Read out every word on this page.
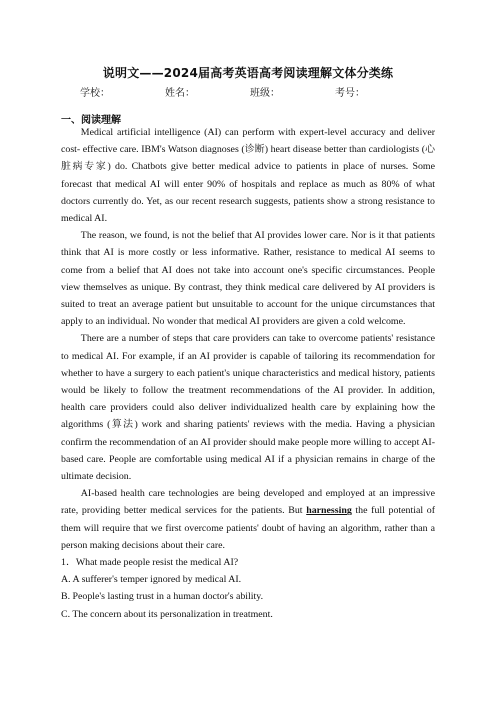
说明文——2024届高考英语高考阅读理解文体分类练
学校：	姓名：	班级：	考号：
一、阅读理解

Medical artificial intelligence (AI) can perform with expert-level accuracy and deliver cost- effective care. IBM's Watson diagnoses (诊断) heart disease better than cardiologists (心脏病专家) do. Chatbots give better medical advice to patients in place of nurses. Some forecast that medical AI will enter 90% of hospitals and replace as much as 80% of what doctors currently do. Yet, as our recent research suggests, patients show a strong resistance to medical AI.

The reason, we found, is not the belief that AI provides lower care. Nor is it that patients think that AI is more costly or less informative. Rather, resistance to medical AI seems to come from a belief that AI does not take into account one's specific circumstances. People view themselves as unique. By contrast, they think medical care delivered by AI providers is suited to treat an average patient but unsuitable to account for the unique circumstances that apply to an individual. No wonder that medical AI providers are given a cold welcome.

There are a number of steps that care providers can take to overcome patients' resistance to medical AI. For example, if an AI provider is capable of tailoring its recommendation for whether to have a surgery to each patient's unique characteristics and medical history, patients would be likely to follow the treatment recommendations of the AI provider. In addition, health care providers could also deliver individualized health care by explaining how the algorithms (算法) work and sharing patients' reviews with the media. Having a physician confirm the recommendation of an AI provider should make people more willing to accept AI-based care. People are comfortable using medical AI if a physician remains in charge of the ultimate decision.

AI-based health care technologies are being developed and employed at an impressive rate, providing better medical services for the patients. But harnessing the full potential of them will require that we first overcome patients' doubt of having an algorithm, rather than a person making decisions about their care.

1．What made people resist the medical AI?

A. A sufferer's temper ignored by medical AI.

B. People's lasting trust in a human doctor's ability.

C. The concern about its personalization in treatment.
